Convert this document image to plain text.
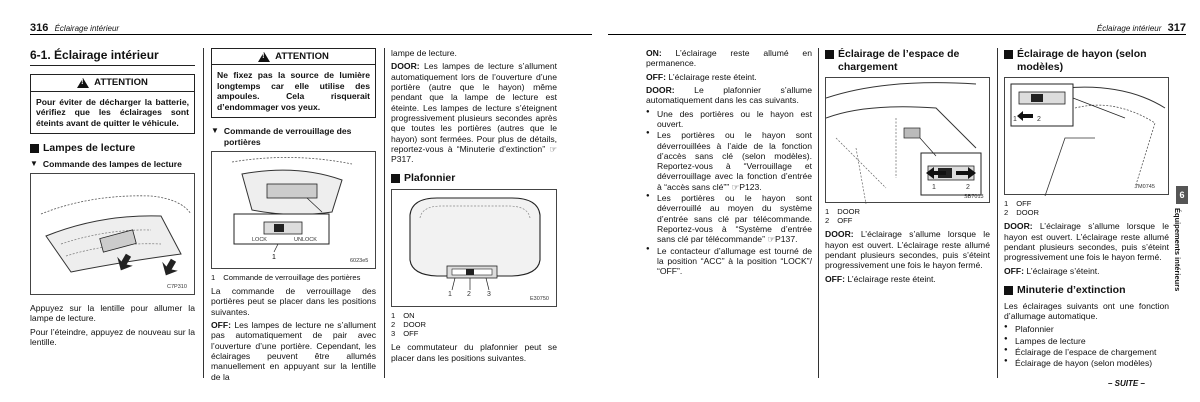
316 Éclairage intérieur
6-1. Éclairage intérieur
!
ATTENTION
Pour éviter de décharger la batterie, vérifiez que les éclairages sont éteints avant de quitter le véhicule.
Lampes de lecture
▼ Commande des lampes de lecture
C7P310

Appuyez sur la lentille pour allumer la lampe de lecture.

Pour l’éteindre, appuyez de nouveau sur la lentille.

!
ATTENTION
Ne fixez pas la source de lumière longtemps car elle utilise des ampoules. Cela risquerait d’endommager vos yeux.
▼ Commande de verrouillage des portières
1
LOCK	UNLOCK
6023e5
1 Commande de verrouillage des portières

La commande de verrouillage des portières peut se placer dans les positions suivantes.

OFF: Les lampes de lecture ne s’allument pas automatiquement de pair avec l’ouverture d’une portière. Cependant, les éclairages peuvent être allumés manuellement en appuyant sur la lentille de la

lampe de lecture.

DOOR: Les lampes de lecture s’allument automatiquement lors de l’ouverture d’une portière (autre que le hayon) même pendant que la lampe de lecture est éteinte. Les lampes de lecture s’éteignent progressivement plusieurs secondes après que toutes les portières (autres que le hayon) sont fermées. Pour plus de détails, reportez-vous à “Minuterie d’extinction” ☞P317.

Plafonnier
1 2 3
E30750
1 ON
2 DOOR
3 OFF

Le commutateur du plafonnier peut se placer dans les positions suivantes.

Éclairage intérieur 317

ON: L’éclairage reste allumé en permanence.

OFF: L’éclairage reste éteint.

DOOR: Le plafonnier s’allume automatiquement dans les cas suivants.

● Une des portières ou le hayon est ouvert.
● Les portières ou le hayon sont déverrouillées à l’aide de la fonction d’accès sans clé (selon modèles). Reportez-vous à “Verrouillage et déverrouillage avec la fonction d’entrée à “accès sans clé”” ☞P123.
● Les portières ou le hayon sont déverrouillé au moyen du système d’entrée sans clé par télécommande. Reportez-vous à “Système d’entrée sans clé par télécommande” ☞P137.
● Le contacteur d’allumage est tourné de la position “ACC” à la position “LOCK”/ “OFF”.
Éclairage de l’espace de chargement
1	2
SB7013
1 DOOR
2 OFF

DOOR: L’éclairage s’allume lorsque le hayon est ouvert. L’éclairage reste allumé pendant plusieurs secondes, puis s’éteint progressivement une fois le hayon fermé.

OFF: L’éclairage reste éteint.

Éclairage de hayon (selon modèles)
1	2
7M0745
1 OFF
2 DOOR

DOOR: L’éclairage s’allume lorsque le hayon est ouvert. L’éclairage reste allumé pendant plusieurs secondes, puis s’éteint progressivement une fois le hayon fermé.

OFF: L’éclairage s’éteint.

Minuterie d’extinction

Les éclairages suivants ont une fonction d’allumage automatique.

● Plafonnier
● Lampes de lecture
● Éclairage de l’espace de chargement
● Éclairage de hayon (selon modèles)
6
Équipements intérieurs
– SUITE –
